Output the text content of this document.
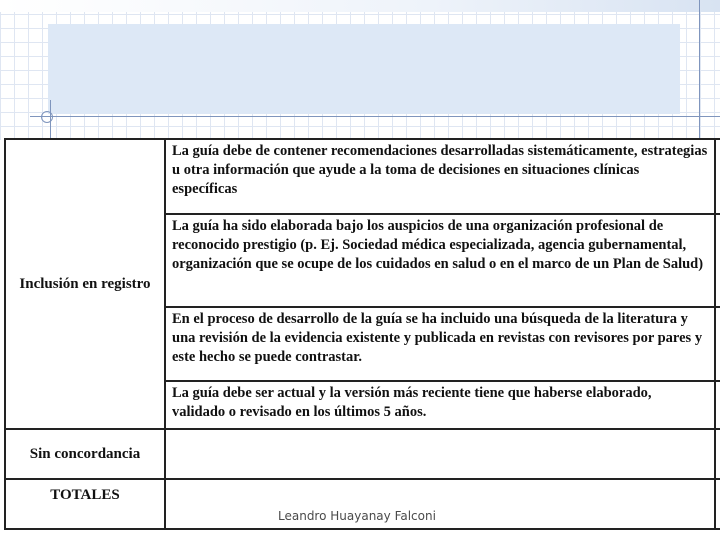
Inclusión en registro	La guía debe de contener recomendaciones desarrolladas sistemáticamente, estrategias u otra información que ayude a la toma de decisiones en situaciones clínicas específicas	
	La guía ha sido elaborada bajo los auspicios de una organización profesional de reconocido prestigio (p. Ej. Sociedad médica especializada, agencia gubernamental, organización que se ocupe de los cuidados en salud o en el marco de un Plan de Salud)	
	En el proceso de desarrollo de la guía se ha incluido una búsqueda de la literatura y una revisión de la evidencia existente y publicada en revistas con revisores por pares y este hecho se puede contrastar.	
	La guía debe ser actual y la versión más reciente tiene que haberse elaborado, validado o revisado en los últimos 5 años.	
Sin concordancia		
TOTALES		
Leandro Huayanay Falconi
